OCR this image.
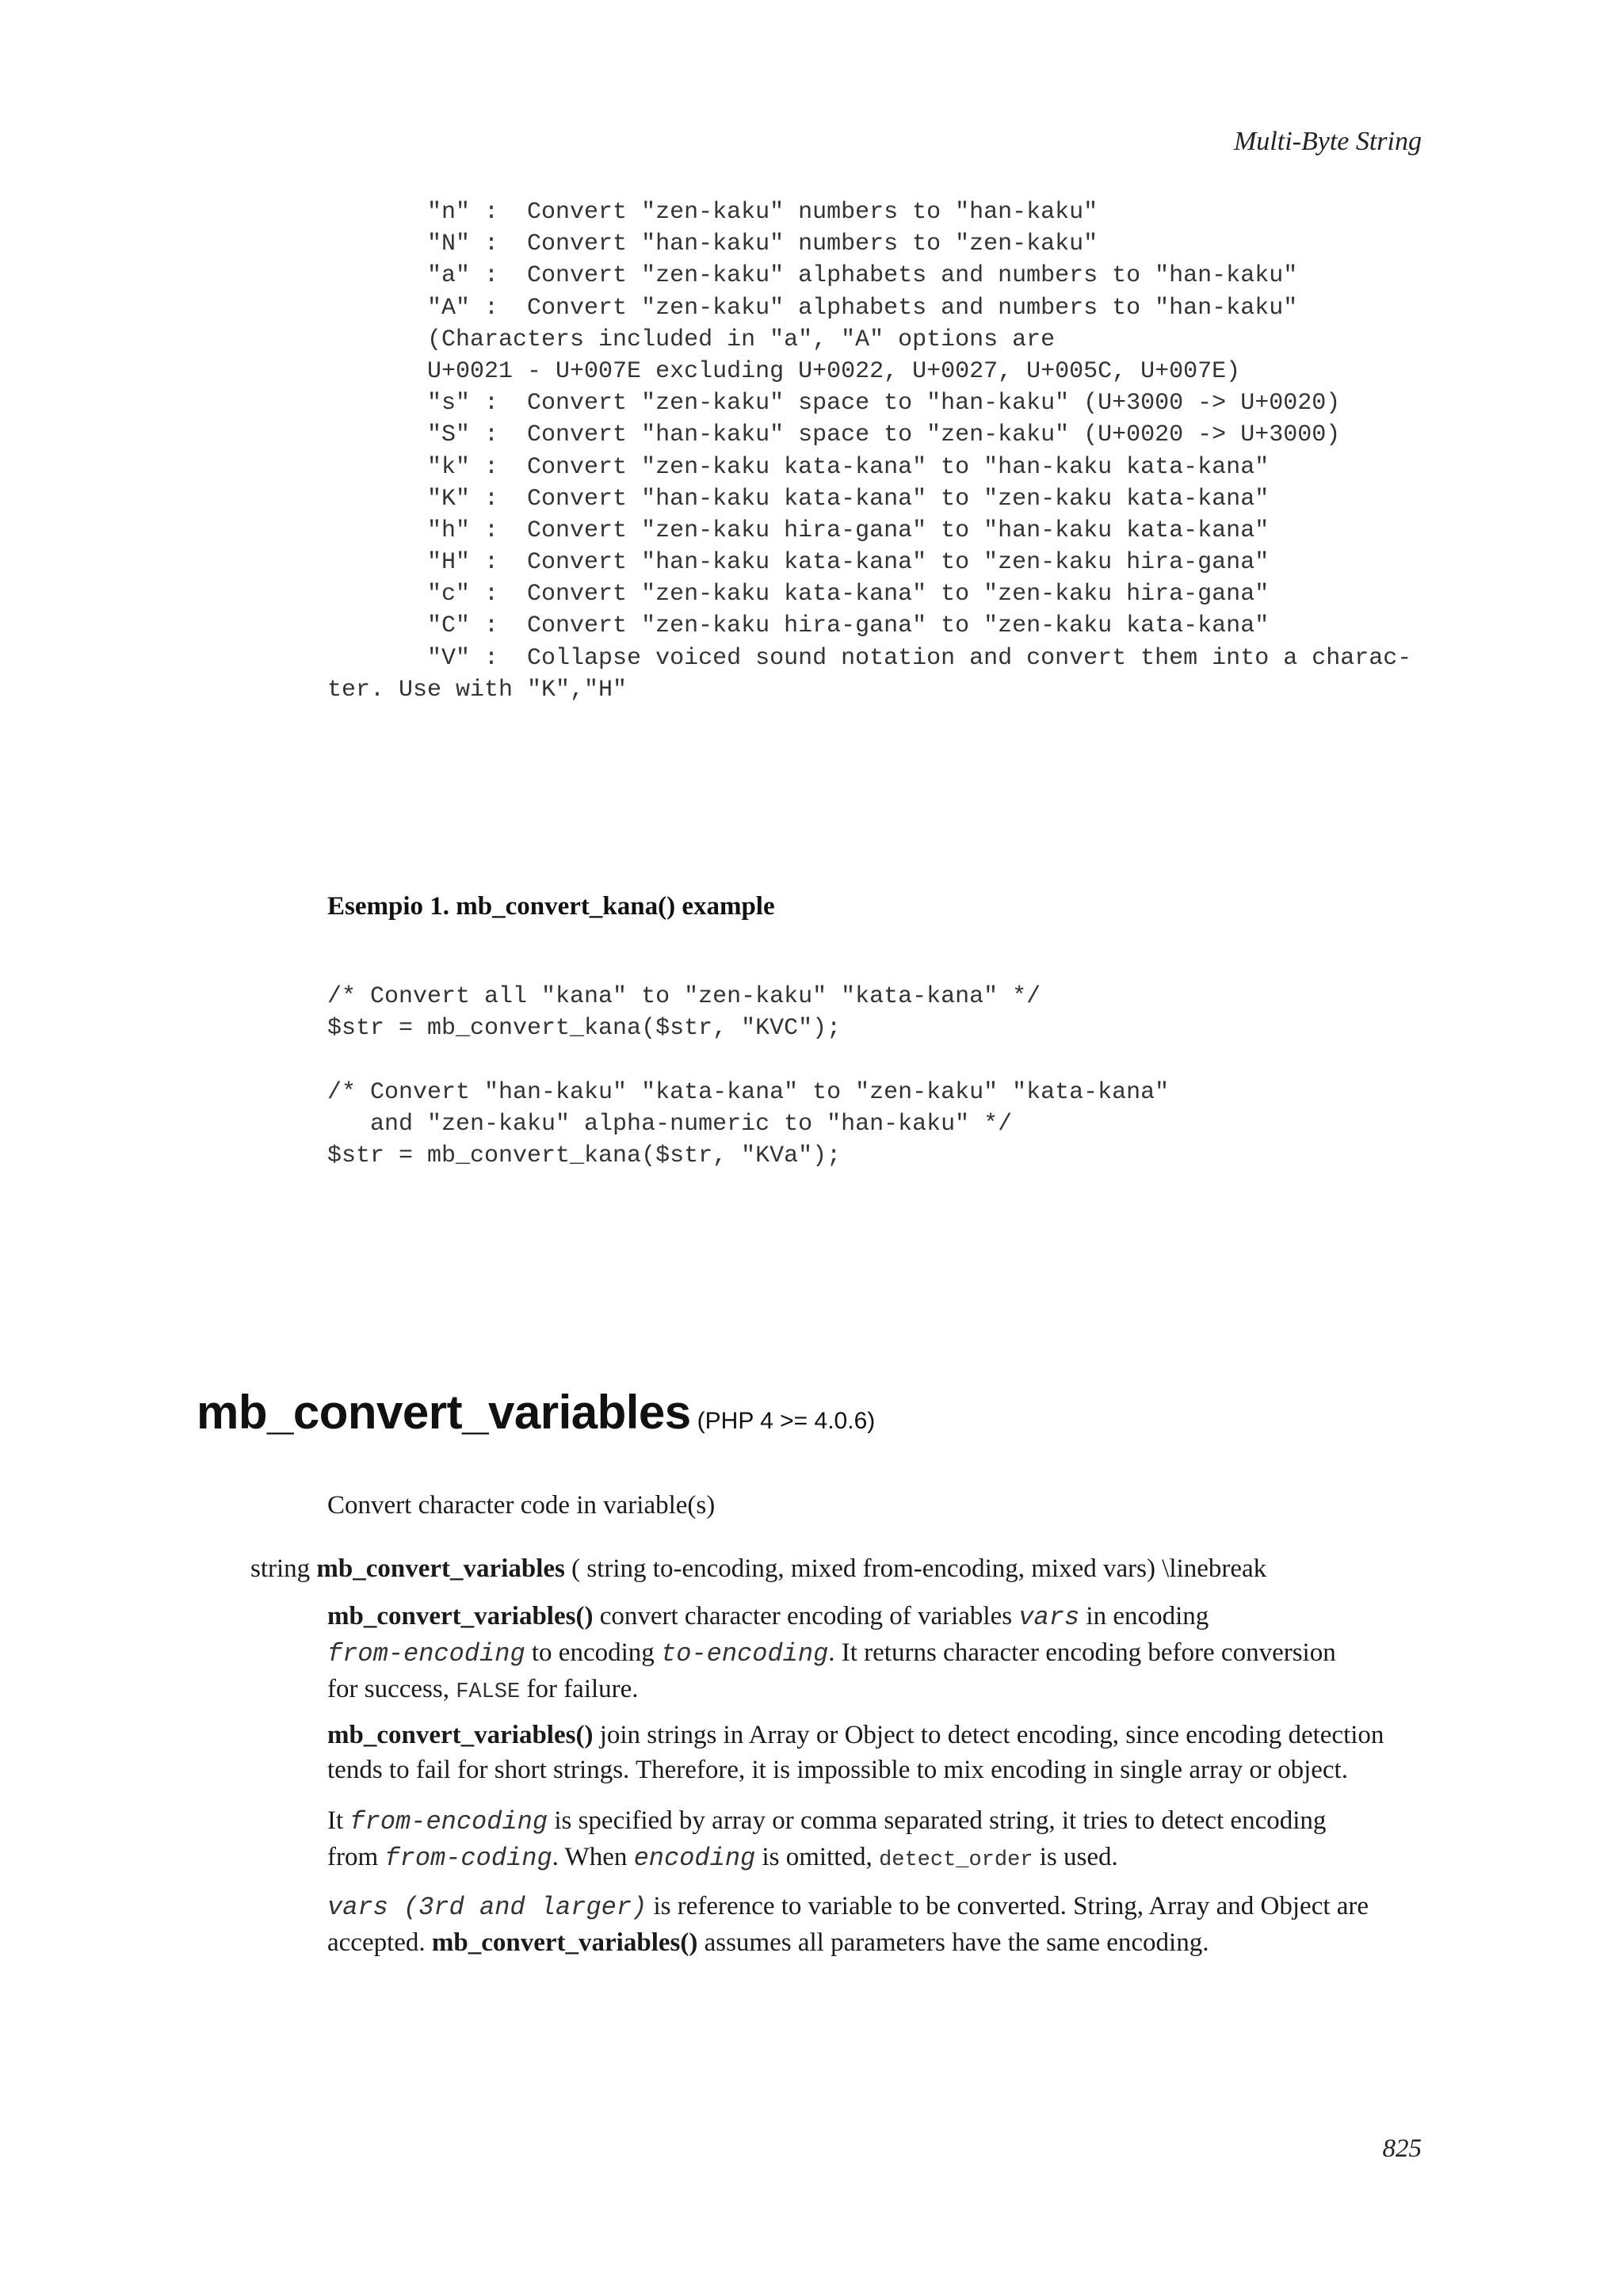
Multi-Byte String
"n" :  Convert "zen-kaku" numbers to "han-kaku"
"N" :  Convert "han-kaku" numbers to "zen-kaku"
"a" :  Convert "zen-kaku" alphabets and numbers to "han-kaku"
"A" :  Convert "zen-kaku" alphabets and numbers to "han-kaku"
(Characters included in "a", "A" options are
U+0021 - U+007E excluding U+0022, U+0027, U+005C, U+007E)
"s" :  Convert "zen-kaku" space to "han-kaku" (U+3000 -> U+0020)
"S" :  Convert "han-kaku" space to "zen-kaku" (U+0020 -> U+3000)
"k" :  Convert "zen-kaku kata-kana" to "han-kaku kata-kana"
"K" :  Convert "han-kaku kata-kana" to "zen-kaku kata-kana"
"h" :  Convert "zen-kaku hira-gana" to "han-kaku kata-kana"
"H" :  Convert "han-kaku kata-kana" to "zen-kaku hira-gana"
"c" :  Convert "zen-kaku kata-kana" to "zen-kaku hira-gana"
"C" :  Convert "zen-kaku hira-gana" to "zen-kaku kata-kana"
"V" :  Collapse voiced sound notation and convert them into a charac-
ter. Use with "K","H"
Esempio 1. mb_convert_kana() example
/* Convert all "kana" to "zen-kaku" "kata-kana" */
$str = mb_convert_kana($str, "KVC");
/* Convert "han-kaku" "kata-kana" to "zen-kaku" "kata-kana"
and "zen-kaku" alpha-numeric to "han-kaku" */
$str = mb_convert_kana($str, "KVa");
mb_convert_variables (PHP 4 >= 4.0.6)
Convert character code in variable(s)
string mb_convert_variables ( string to-encoding, mixed from-encoding, mixed vars) \linebreak

mb_convert_variables() convert character encoding of variables vars in encoding
from-encoding to encoding to-encoding. It returns character encoding before conversion
for success, FALSE for failure.

mb_convert_variables() join strings in Array or Object to detect encoding, since encoding detection
tends to fail for short strings. Therefore, it is impossible to mix encoding in single array or object.

It from-encoding is specified by array or comma separated string, it tries to detect encoding
from from-coding. When encoding is omitted, detect_order is used.

vars (3rd and larger) is reference to variable to be converted. String, Array and Object are
accepted. mb_convert_variables() assumes all parameters have the same encoding.

825
